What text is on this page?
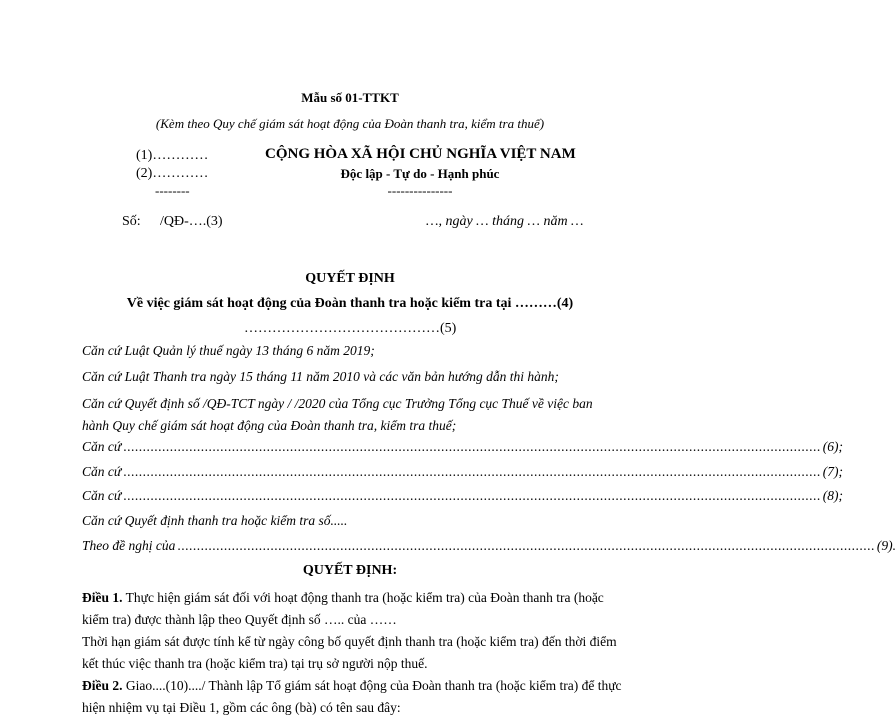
Mẫu số 01-TTKT
(Kèm theo Quy chế giám sát hoạt động của Đoàn thanh tra, kiểm tra thuế)
(1)…………
(2)…………
--------
CỘNG HÒA XÃ HỘI CHỦ NGHĨA VIỆT NAM
Độc lập - Tự do - Hạnh phúc
---------------
Số: /QĐ-….(3)	…, ngày … tháng … năm …
QUYẾT ĐỊNH
Về việc giám sát hoạt động của Đoàn thanh tra hoặc kiểm tra tại ………(4)
……………………………………(5)
Căn cứ Luật Quản lý thuế ngày 13 tháng 6 năm 2019;
Căn cứ Luật Thanh tra ngày 15 tháng 11 năm 2010 và các văn bản hướng dẫn thi hành;
Căn cứ Quyết định số /QĐ-TCT ngày / /2020 của Tổng cục Trưởng Tổng cục Thuế về việc ban hành Quy chế giám sát hoạt động của Đoàn thanh tra, kiểm tra thuế;
Căn cứ .................................................................................................................................................................................... (6);
Căn cứ .................................................................................................................................................................................... (7);
Căn cứ .................................................................................................................................................................................... (8);
Căn cứ Quyết định thanh tra hoặc kiểm tra số.....
Theo đề nghị của .................................................................................................................................................................................... (9).
QUYẾT ĐỊNH:
Điều 1. Thực hiện giám sát đối với hoạt động thanh tra (hoặc kiểm tra) của Đoàn thanh tra (hoặc kiểm tra) được thành lập theo Quyết định số ….. của ……
Thời hạn giám sát được tính kể từ ngày công bố quyết định thanh tra (hoặc kiểm tra) đến thời điểm kết thúc việc thanh tra (hoặc kiểm tra) tại trụ sở người nộp thuế.
Điều 2. Giao....(10)..../ Thành lập Tổ giám sát hoạt động của Đoàn thanh tra (hoặc kiểm tra) để thực hiện nhiệm vụ tại Điều 1, gồm các ông (bà) có tên sau đây:
